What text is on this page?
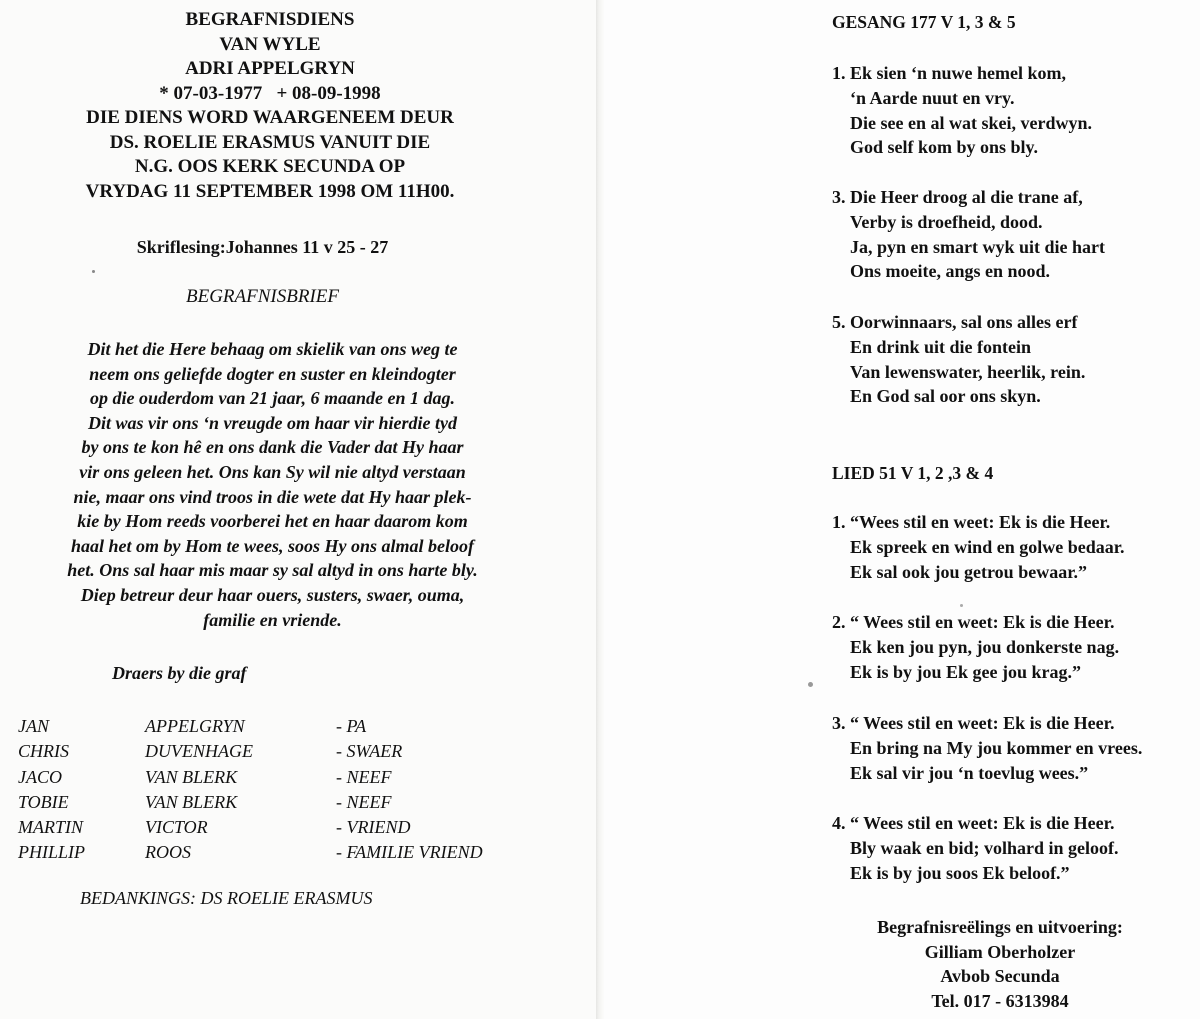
BEGRAFNISDIENS
VAN WYLE
ADRI APPELGRYN
* 07-03-1977   + 08-09-1998
DIE DIENS WORD WAARGENEEM DEUR
DS. ROELIE ERASMUS VANUIT DIE
N.G. OOS KERK SECUNDA OP
VRYDAG 11 SEPTEMBER 1998 OM 11H00.
Skriflesing:Johannes 11 v 25 - 27
BEGRAFNISBRIEF
Dit het die Here behaag om skielik van ons weg te
neem ons geliefde dogter en suster en kleindogter
op die ouderdom van 21 jaar, 6 maande en 1 dag.
Dit was vir ons ‘n vreugde om haar vir hierdie tyd
by ons te kon hê en ons dank die Vader dat Hy haar
vir ons geleen het. Ons kan Sy wil nie altyd verstaan
nie, maar ons vind troos in die wete dat Hy haar plek-
kie by Hom reeds voorberei het en haar daarom kom
haal het om by Hom te wees, soos Hy ons almal beloof
het. Ons sal haar mis maar sy sal altyd in ons harte bly.
Diep betreur deur haar ouers, susters, swaer, ouma,
familie en vriende.
Draers by die graf
JAN	APPELGRYN	- PA
CHRIS	DUVENHAGE	- SWAER
JACO	VAN BLERK	- NEEF
TOBIE	VAN BLERK	- NEEF
MARTIN	VICTOR	- VRIEND
PHILLIP	ROOS	- FAMILIE VRIEND
BEDANKINGS: DS ROELIE ERASMUS
GESANG 177 V 1, 3 & 5
1. Ek sien ‘n nuwe hemel kom,
‘n Aarde nuut en vry.
Die see en al wat skei, verdwyn.
God self kom by ons bly.
3. Die Heer droog al die trane af,
Verby is droefheid, dood.
Ja, pyn en smart wyk uit die hart
Ons moeite, angs en nood.
5. Oorwinnaars, sal ons alles erf
En drink uit die fontein
Van lewenswater, heerlik, rein.
En God sal oor ons skyn.
LIED 51 V 1, 2 ,3 & 4
1. “Wees stil en weet: Ek is die Heer.
Ek spreek en wind en golwe bedaar.
Ek sal ook jou getrou bewaar.”
2. “ Wees stil en weet: Ek is die Heer.
Ek ken jou pyn, jou donkerste nag.
Ek is by jou Ek gee jou krag.”
3. “ Wees stil en weet: Ek is die Heer.
En bring na My jou kommer en vrees.
Ek sal vir jou ‘n toevlug wees.”
4. “ Wees stil en weet: Ek is die Heer.
Bly waak en bid; volhard in geloof.
Ek is by jou soos Ek beloof.”
Begrafnisreëlings en uitvoering:
Gilliam Oberholzer
Avbob Secunda
Tel. 017 - 6313984
